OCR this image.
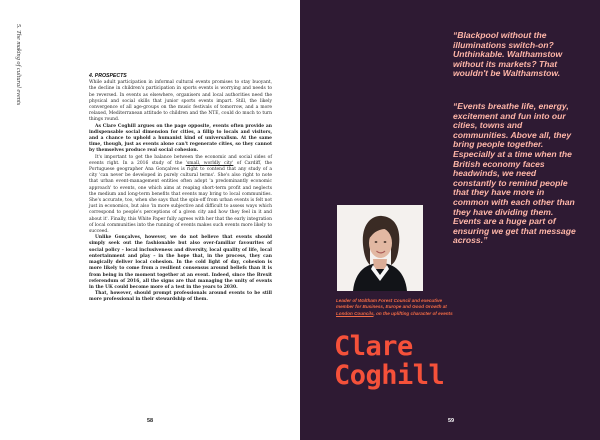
5. The making of cultural events	4. PROSPECTS

While adult participation in informal cultural events promises to stay buoyant, the decline in children's participation in sports events is worrying and needs to be reversed. In events as elsewhere, organisers and local authorities need the physical and social skills that junior sports events impart. Still, the likely convergence of all age-groups on the music festivals of tomorrow, and a more relaxed, Mediterranean attitude to children and the NTE, could do much to turn things round.

As Clare Coghill argues on the page opposite, events often provide an indispensable social dimension for cities, a fillip to locals and visitors, and a chance to uphold a humanist kind of universalism. At the same time, though, just as events alone can't regenerate cities, so they cannot by themselves produce real social cohesion.

It's important to get the balance between the economic and social sides of events right. In a 2016 study of the 'small, worldly city' of Cardiff, the Portuguese geographer Ana Gonçalves is right to contend that any study of a city 'can never be developed in purely cultural terms'. She's also right to note that urban event-management entities often adopt 'a predominantly economic approach' to events, one which aims at reaping short-term profit and neglects the medium and long-term benefits that events may bring to local communities. She's accurate, too, when she says that the spin-off from urban events is felt not just in economics, but also 'in more subjective and difficult to assess ways which correspond to people's perceptions of a given city and how they feel in it and about it'. Finally, this White Paper fully agrees with her that the early integration of local communities into the running of events makes such events more likely to succeed.

Unlike Gonçalves, however, we do not believe that events should simply seek out the fashionable but also over-familiar favourites of social policy – local inclusiveness and diversity, local quality of life, local entertainment and play – in the hope that, in the process, they can magically deliver local cohesion. In the cold light of day, cohesion is more likely to come from a resilient consensus around beliefs than it is from being in the moment together at an event. Indeed, since the Brexit referendum of 2016, all the signs are that managing the unity of events in the UK could become more of a test in the years to 2030.

That, however, should prompt professionals around events to be still more professional in their stewardship of them.

58
“Blackpool without the illuminations switch-on? Unthinkable. Walthamstow without its markets? That wouldn't be Walthamstow.
“Events breathe life, energy, excitement and fun into our cities, towns and communities. Above all, they bring people together. Especially at a time when the British economy faces headwinds, we need constantly to remind people that they have more in common with each other than they have dividing them. Events are a huge part of ensuring we get that message across.”
Leader of Waltham Forest Council and executive member for Business, Europe and Good Growth at London Councils, on the uplifting character of events
Clare
Coghill
59
